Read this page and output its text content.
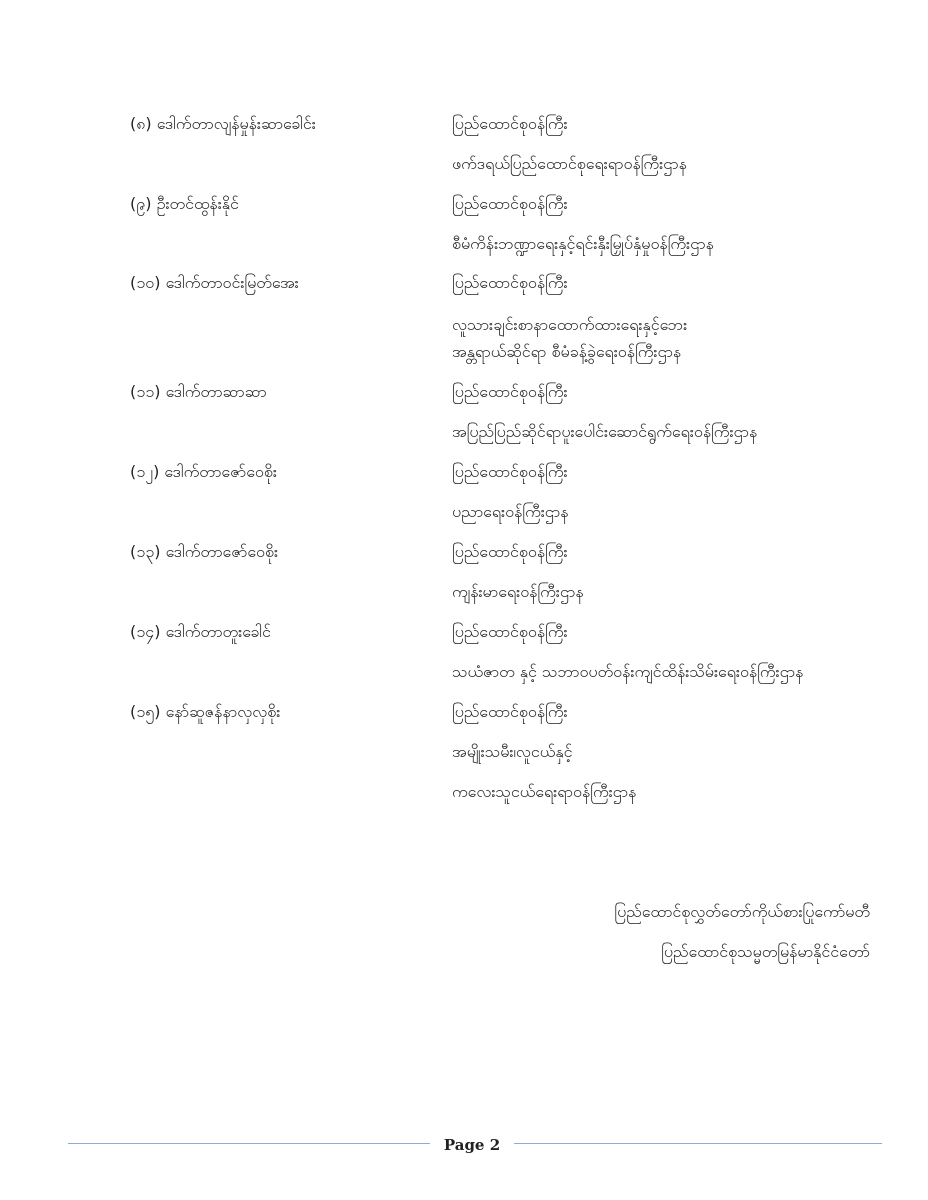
(၈) ဒေါက်တာလျန်မှုန်းဆာခေါင်း	ပြည်ထောင်စုဝန်ကြီး
ဖက်ဒရယ်ပြည်ထောင်စုရေးရာဝန်ကြီးဌာန
(၉) ဦးတင်ထွန်းနိုင်	ပြည်ထောင်စုဝန်ကြီး
စီမံကိန်းဘဏ္ဍာရေးနှင့်ရင်းနှီးမြှုပ်နှံမှုဝန်ကြီးဌာန
(၁၀) ဒေါက်တာဝင်းမြတ်အေး	ပြည်ထောင်စုဝန်ကြီး
လူသားချင်းစာနာထောက်ထားရေးနှင့်ဘေး
အန္တရာယ်ဆိုင်ရာ စီမံခန့်ခွဲရေးဝန်ကြီးဌာန
(၁၁) ဒေါက်တာဆာဆာ	ပြည်ထောင်စုဝန်ကြီး
အပြည်ပြည်ဆိုင်ရာပူးပေါင်းဆောင်ရွက်ရေးဝန်ကြီးဌာန
(၁၂) ဒေါက်တာဇော်ဝေစိုး	ပြည်ထောင်စုဝန်ကြီး
ပညာရေးဝန်ကြီးဌာန
(၁၃) ဒေါက်တာဇော်ဝေစိုး	ပြည်ထောင်စုဝန်ကြီး
ကျန်းမာရေးဝန်ကြီးဌာန
(၁၄) ဒေါက်တာတူးခေါင်	ပြည်ထောင်စုဝန်ကြီး
သယံဇာတ နှင့် သဘာဝပတ်ဝန်းကျင်ထိန်းသိမ်းရေးဝန်ကြီးဌာန
(၁၅) နော်ဆူဇန်နာလှလှစိုး	ပြည်ထောင်စုဝန်ကြီး
အမျိုးသမီး၊လူငယ်နှင့်
ကလေးသူငယ်ရေးရာဝန်ကြီးဌာန
ပြည်ထောင်စုလွှတ်တော်ကိုယ်စားပြုကော်မတီ
ပြည်ထောင်စုသမ္မတမြန်မာနိုင်ငံတော်
Page 2
